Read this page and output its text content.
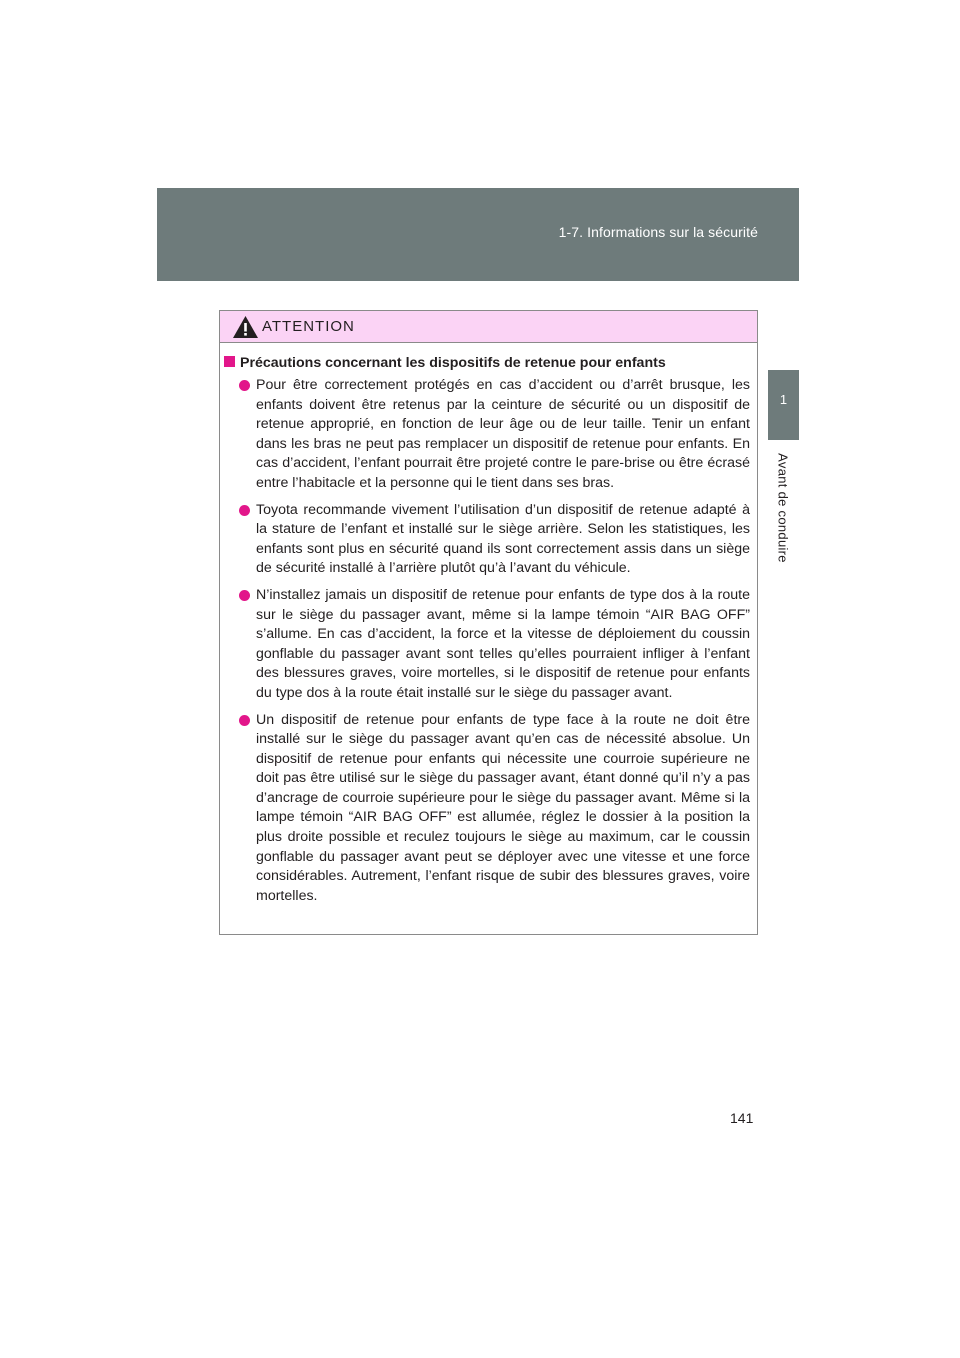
1-7. Informations sur la sécurité
1
Avant de conduire
ATTENTION
Précautions concernant les dispositifs de retenue pour enfants
Pour être correctement protégés en cas d’accident ou d’arrêt brusque, les enfants doivent être retenus par la ceinture de sécurité ou un dispositif de retenue approprié, en fonction de leur âge ou de leur taille. Tenir un enfant dans les bras ne peut pas remplacer un dispositif de retenue pour enfants. En cas d’accident, l’enfant pourrait être projeté contre le pare-brise ou être écrasé entre l’habitacle et la personne qui le tient dans ses bras.
Toyota recommande vivement l’utilisation d’un dispositif de retenue adapté à la stature de l’enfant et installé sur le siège arrière. Selon les statistiques, les enfants sont plus en sécurité quand ils sont correctement assis dans un siège de sécurité installé à l’arrière plutôt qu’à l’avant du véhicule.
N’installez jamais un dispositif de retenue pour enfants de type dos à la route sur le siège du passager avant, même si la lampe témoin “AIR BAG OFF” s’allume. En cas d’accident, la force et la vitesse de déploiement du coussin gonflable du passager avant sont telles qu’elles pourraient infliger à l’enfant des blessures graves, voire mortelles, si le dispositif de retenue pour enfants du type dos à la route était installé sur le siège du passager avant.
Un dispositif de retenue pour enfants de type face à la route ne doit être installé sur le siège du passager avant qu’en cas de nécessité absolue. Un dispositif de retenue pour enfants qui nécessite une courroie supérieure ne doit pas être utilisé sur le siège du passager avant, étant donné qu’il n’y a pas d’ancrage de courroie supérieure pour le siège du passager avant. Même si la lampe témoin “AIR BAG OFF” est allumée, réglez le dossier à la position la plus droite possible et reculez toujours le siège au maximum, car le coussin gonflable du passager avant peut se déployer avec une vitesse et une force considérables. Autrement, l’enfant risque de subir des blessures graves, voire mortelles.
141
